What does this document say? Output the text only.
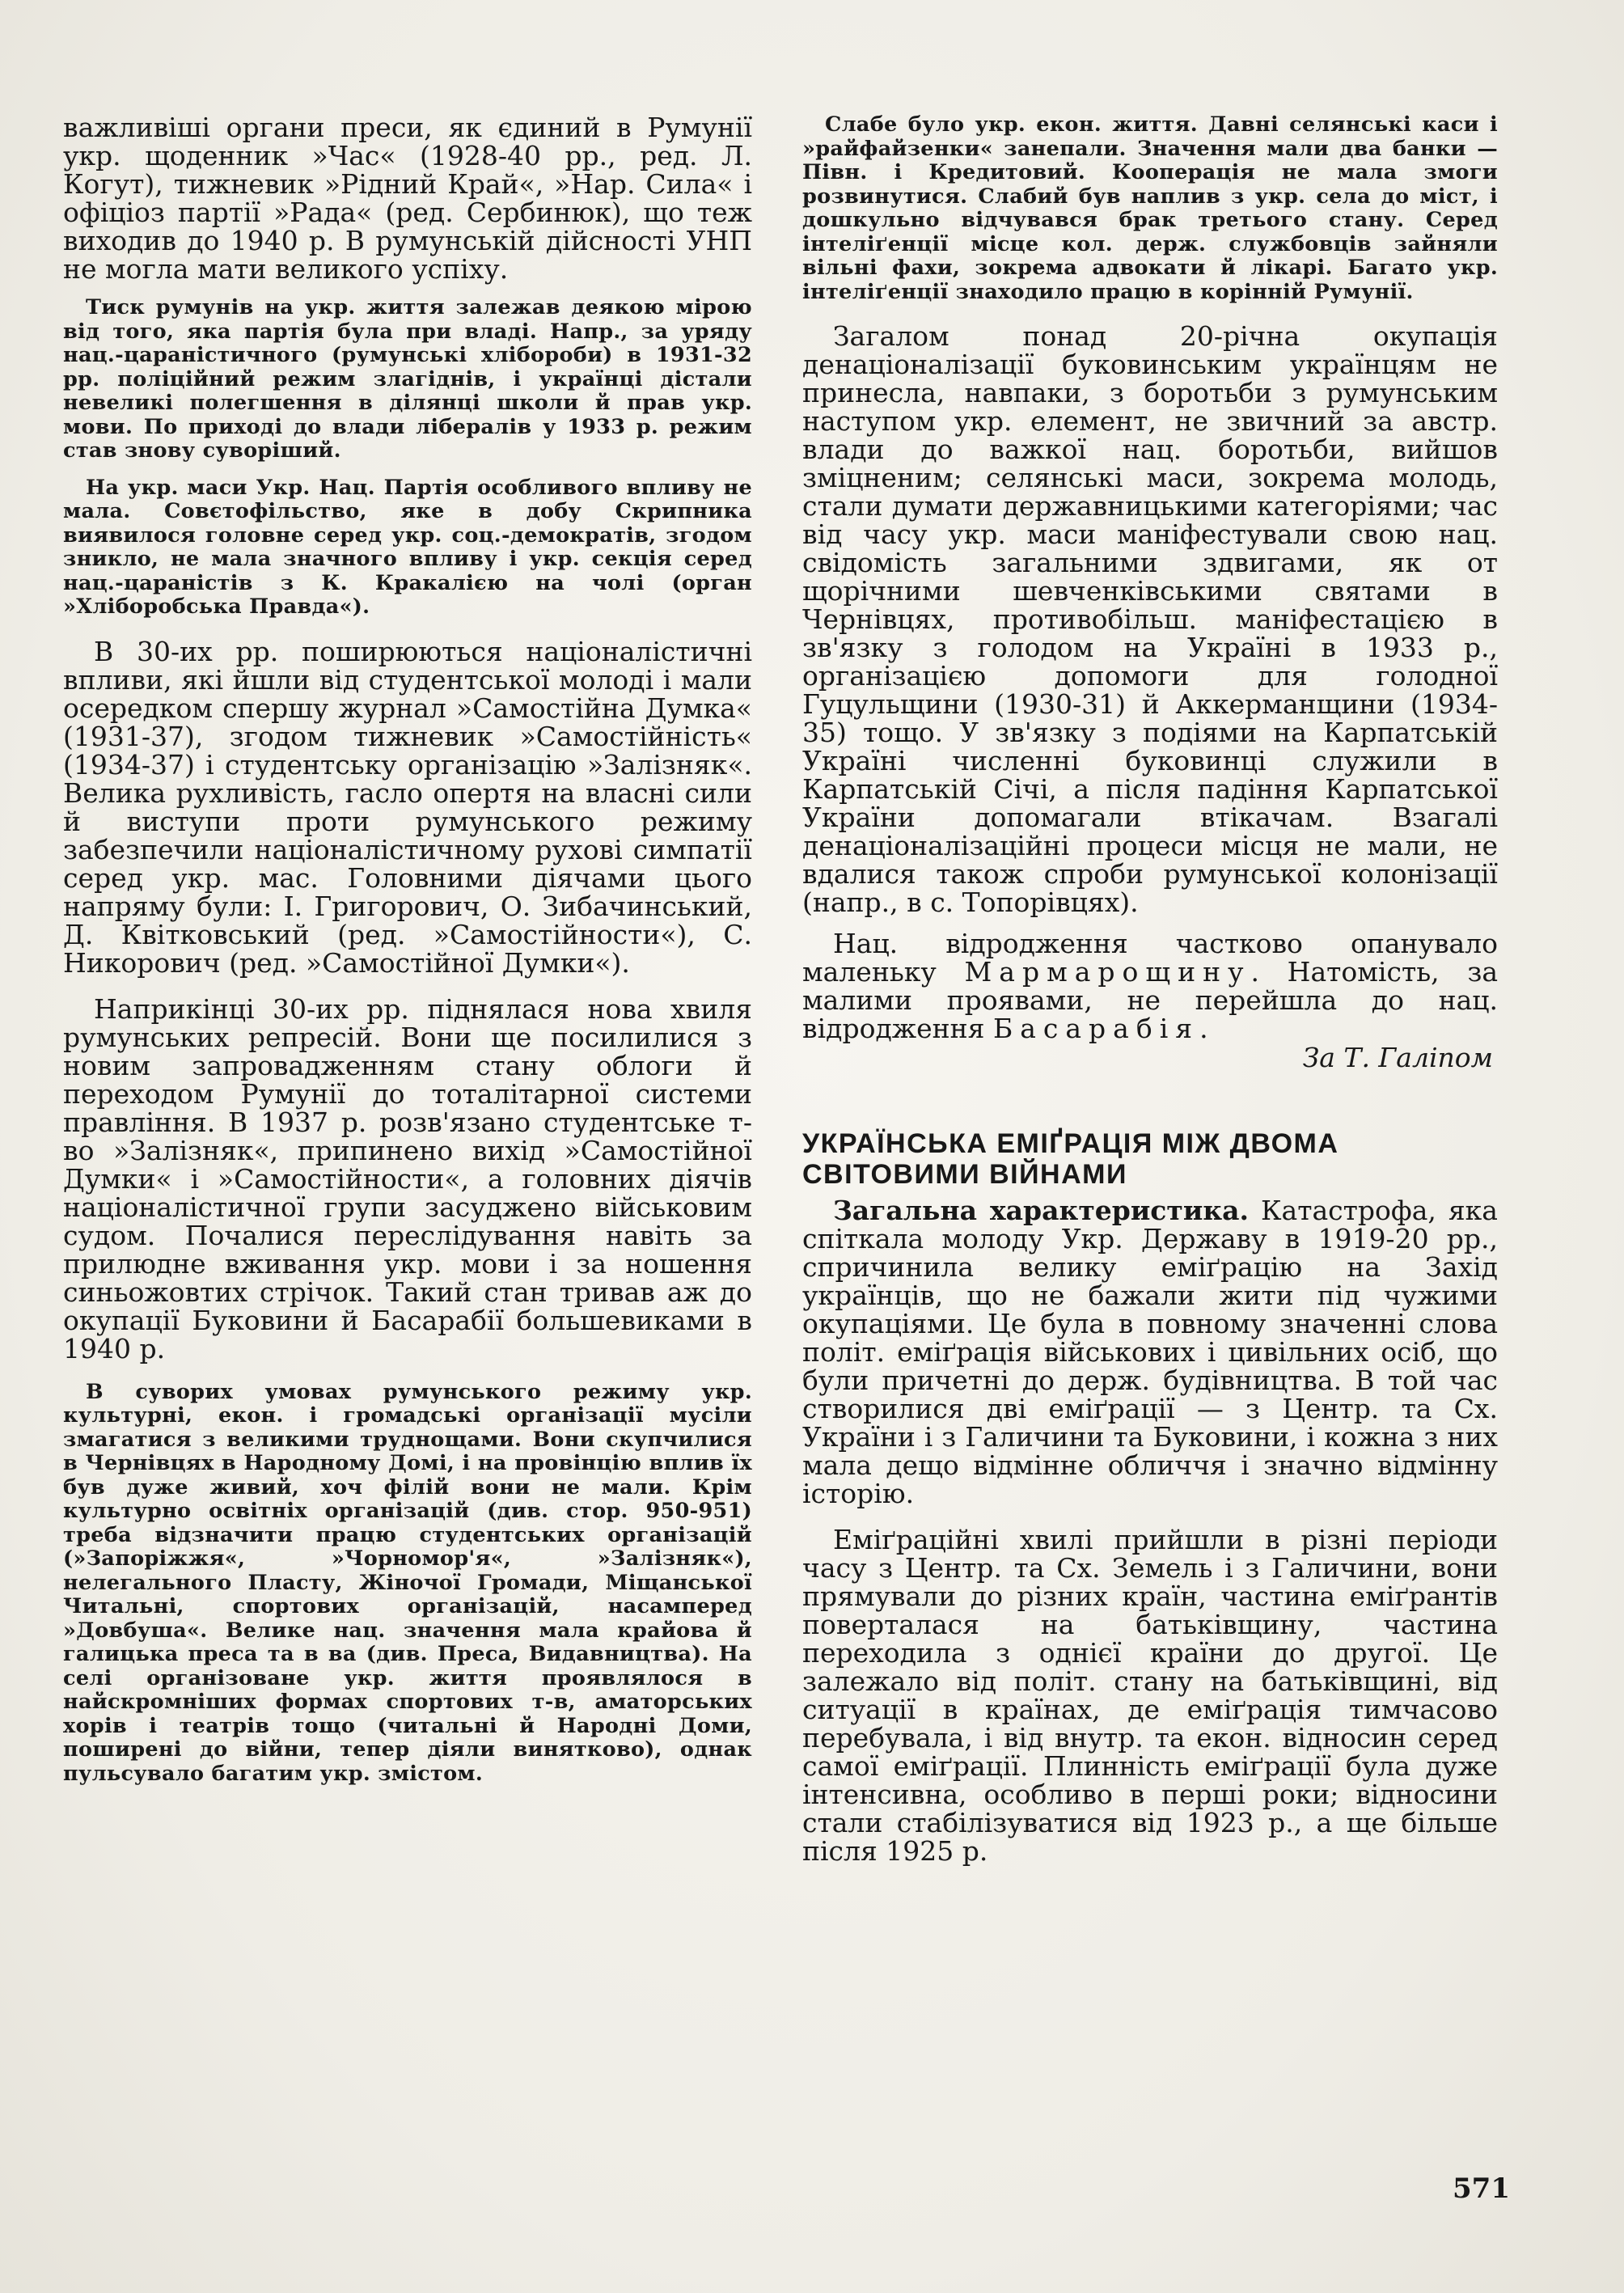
важливіші органи преси, як єдиний в Румунії укр. щоденник »Час« (1928-40 рр., ред. Л. Когут), тижневик »Рідний Край«, »Нар. Сила« і офіціоз партії »Рада« (ред. Сербинюк), що теж виходив до 1940 р. В румунській дійсності УНП не могла мати великого успіху.

Тиск румунів на укр. життя залежав деякою мірою від того, яка партія була при владі. Напр., за уряду нац.-цараністичного (румунські хлібороби) в 1931-32 рр. поліційний режим злагіднів, і українці дістали невеликі полегшення в ділянці школи й прав укр. мови. По приході до влади лібералів у 1933 р. режим став знову суворіший.

На укр. маси Укр. Нац. Партія особливого впливу не мала. Совєтофільство, яке в добу Скрипника виявилося головне серед укр. соц.-демократів, згодом зникло, не мала значного впливу і укр. секція серед нац.-цараністів з К. Кракалією на чолі (орган »Хліборобська Правда«).

В 30-их рр. поширюються націоналістичні впливи, які йшли від студентської молоді і мали осередком спершу журнал »Самостійна Думка« (1931-37), згодом тижневик »Самостійність« (1934-37) і студентську організацію »Залізняк«. Велика рухливість, гасло опертя на власні сили й виступи проти румунського режиму забезпечили націоналістичному рухові симпатії серед укр. мас. Головними діячами цього напряму були: І. Григорович, О. Зибачинський, Д. Квітковський (ред. »Самостійности«), С. Никорович (ред. »Самостійної Думки«).

Наприкінці 30-их рр. піднялася нова хвиля румунських репресій. Вони ще посилилися з новим запровадженням стану облоги й переходом Румунії до тоталітарної системи правління. В 1937 р. розв'язано студентське т-во »Залізняк«, припинено вихід »Самостійної Думки« і »Самостійности«, а головних діячів націоналістичної групи засуджено військовим судом. Почалися переслідування навіть за прилюдне вживання укр. мови і за ношення синьожовтих стрічок. Такий стан тривав аж до окупації Буковини й Басарабії большевиками в 1940 р.

В суворих умовах румунського режиму укр. культурні, екон. і громадські організації мусіли змагатися з великими труднощами. Вони скупчилися в Чернівцях в Народному Домі, і на провінцію вплив їх був дуже живий, хоч філій вони не мали. Крім культурно освітніх організацій (див. стор. 950-951) треба відзначити працю студентських організацій (»Запоріжжя«, »Чорномор'я«, »Залізняк«), нелегального Пласту, Жіночої Громади, Міщанської Читальні, спортових організацій, насамперед »Довбуша«. Велике нац. значення мала крайова й галицька преса та в ва (див. Преса, Видавництва). На селі організоване укр. життя проявлялося в найскромніших формах спортових т-в, аматорських хорів і театрів тощо (читальні й Народні Доми, поширені до війни, тепер діяли винятково), однак пульсувало багатим укр. змістом.

Слабе було укр. екон. життя. Давні селянські каси і »райфайзенки« занепали. Значення мали два банки — Півн. і Кредитовий. Кооперація не мала змоги розвинутися. Слабий був наплив з укр. села до міст, і дошкульно відчувався брак третього стану. Серед інтеліґенції місце кол. держ. службовців зайняли вільні фахи, зокрема адвокати й лікарі. Багато укр. інтеліґенції знаходило працю в корінній Румунії.

Загалом понад 20-річна окупація денаціоналізації буковинським українцям не принесла, навпаки, з боротьби з румунським наступом укр. елемент, не звичний за австр. влади до важкої нац. боротьби, вийшов зміцненим; селянські маси, зокрема молодь, стали думати державницькими категоріями; час від часу укр. маси маніфестували свою нац. свідомість загальними здвигами, як от щорічними шевченківськими святами в Чернівцях, противобільш. маніфестацією в зв'язку з голодом на Україні в 1933 р., організацією допомоги для голодної Гуцульщини (1930-31) й Аккерманщини (1934-35) тощо. У зв'язку з подіями на Карпатській Україні численні буковинці служили в Карпатській Січі, а після падіння Карпатської України допомагали втікачам. Взагалі денаціоналізаційні процеси місця не мали, не вдалися також спроби румунської колонізації (напр., в с. Топорівцях).

Нац. відродження частково опанувало маленьку Мармарощину. Натомість, за малими проявами, не перейшла до нац. відродження Басарабія.

За Т. Галіпом

УКРАЇНСЬКА ЕМІҐРАЦІЯ МІЖ ДВОМА СВІТОВИМИ ВІЙНАМИ

Загальна характеристика. Катастрофа, яка спіткала молоду Укр. Державу в 1919-20 рр., спричинила велику еміґрацію на Захід українців, що не бажали жити під чужими окупаціями. Це була в повному значенні слова політ. еміґрація військових і цивільних осіб, що були причетні до держ. будівництва. В той час створилися дві еміґрації — з Центр. та Сх. України і з Галичини та Буковини, і кожна з них мала дещо відмінне обличчя і значно відмінну історію.

Еміґраційні хвилі прийшли в різні періоди часу з Центр. та Сх. Земель і з Галичини, вони прямували до різних країн, частина еміґрантів поверталася на батьківщину, частина переходила з однієї країни до другої. Це залежало від політ. стану на батьківщині, від ситуації в країнах, де еміґрація тимчасово перебувала, і від внутр. та екон. відносин серед самої еміґрації. Плинність еміґрації була дуже інтенсивна, особливо в перші роки; відносини стали стабілізуватися від 1923 р., а ще більше після 1925 р.

571
